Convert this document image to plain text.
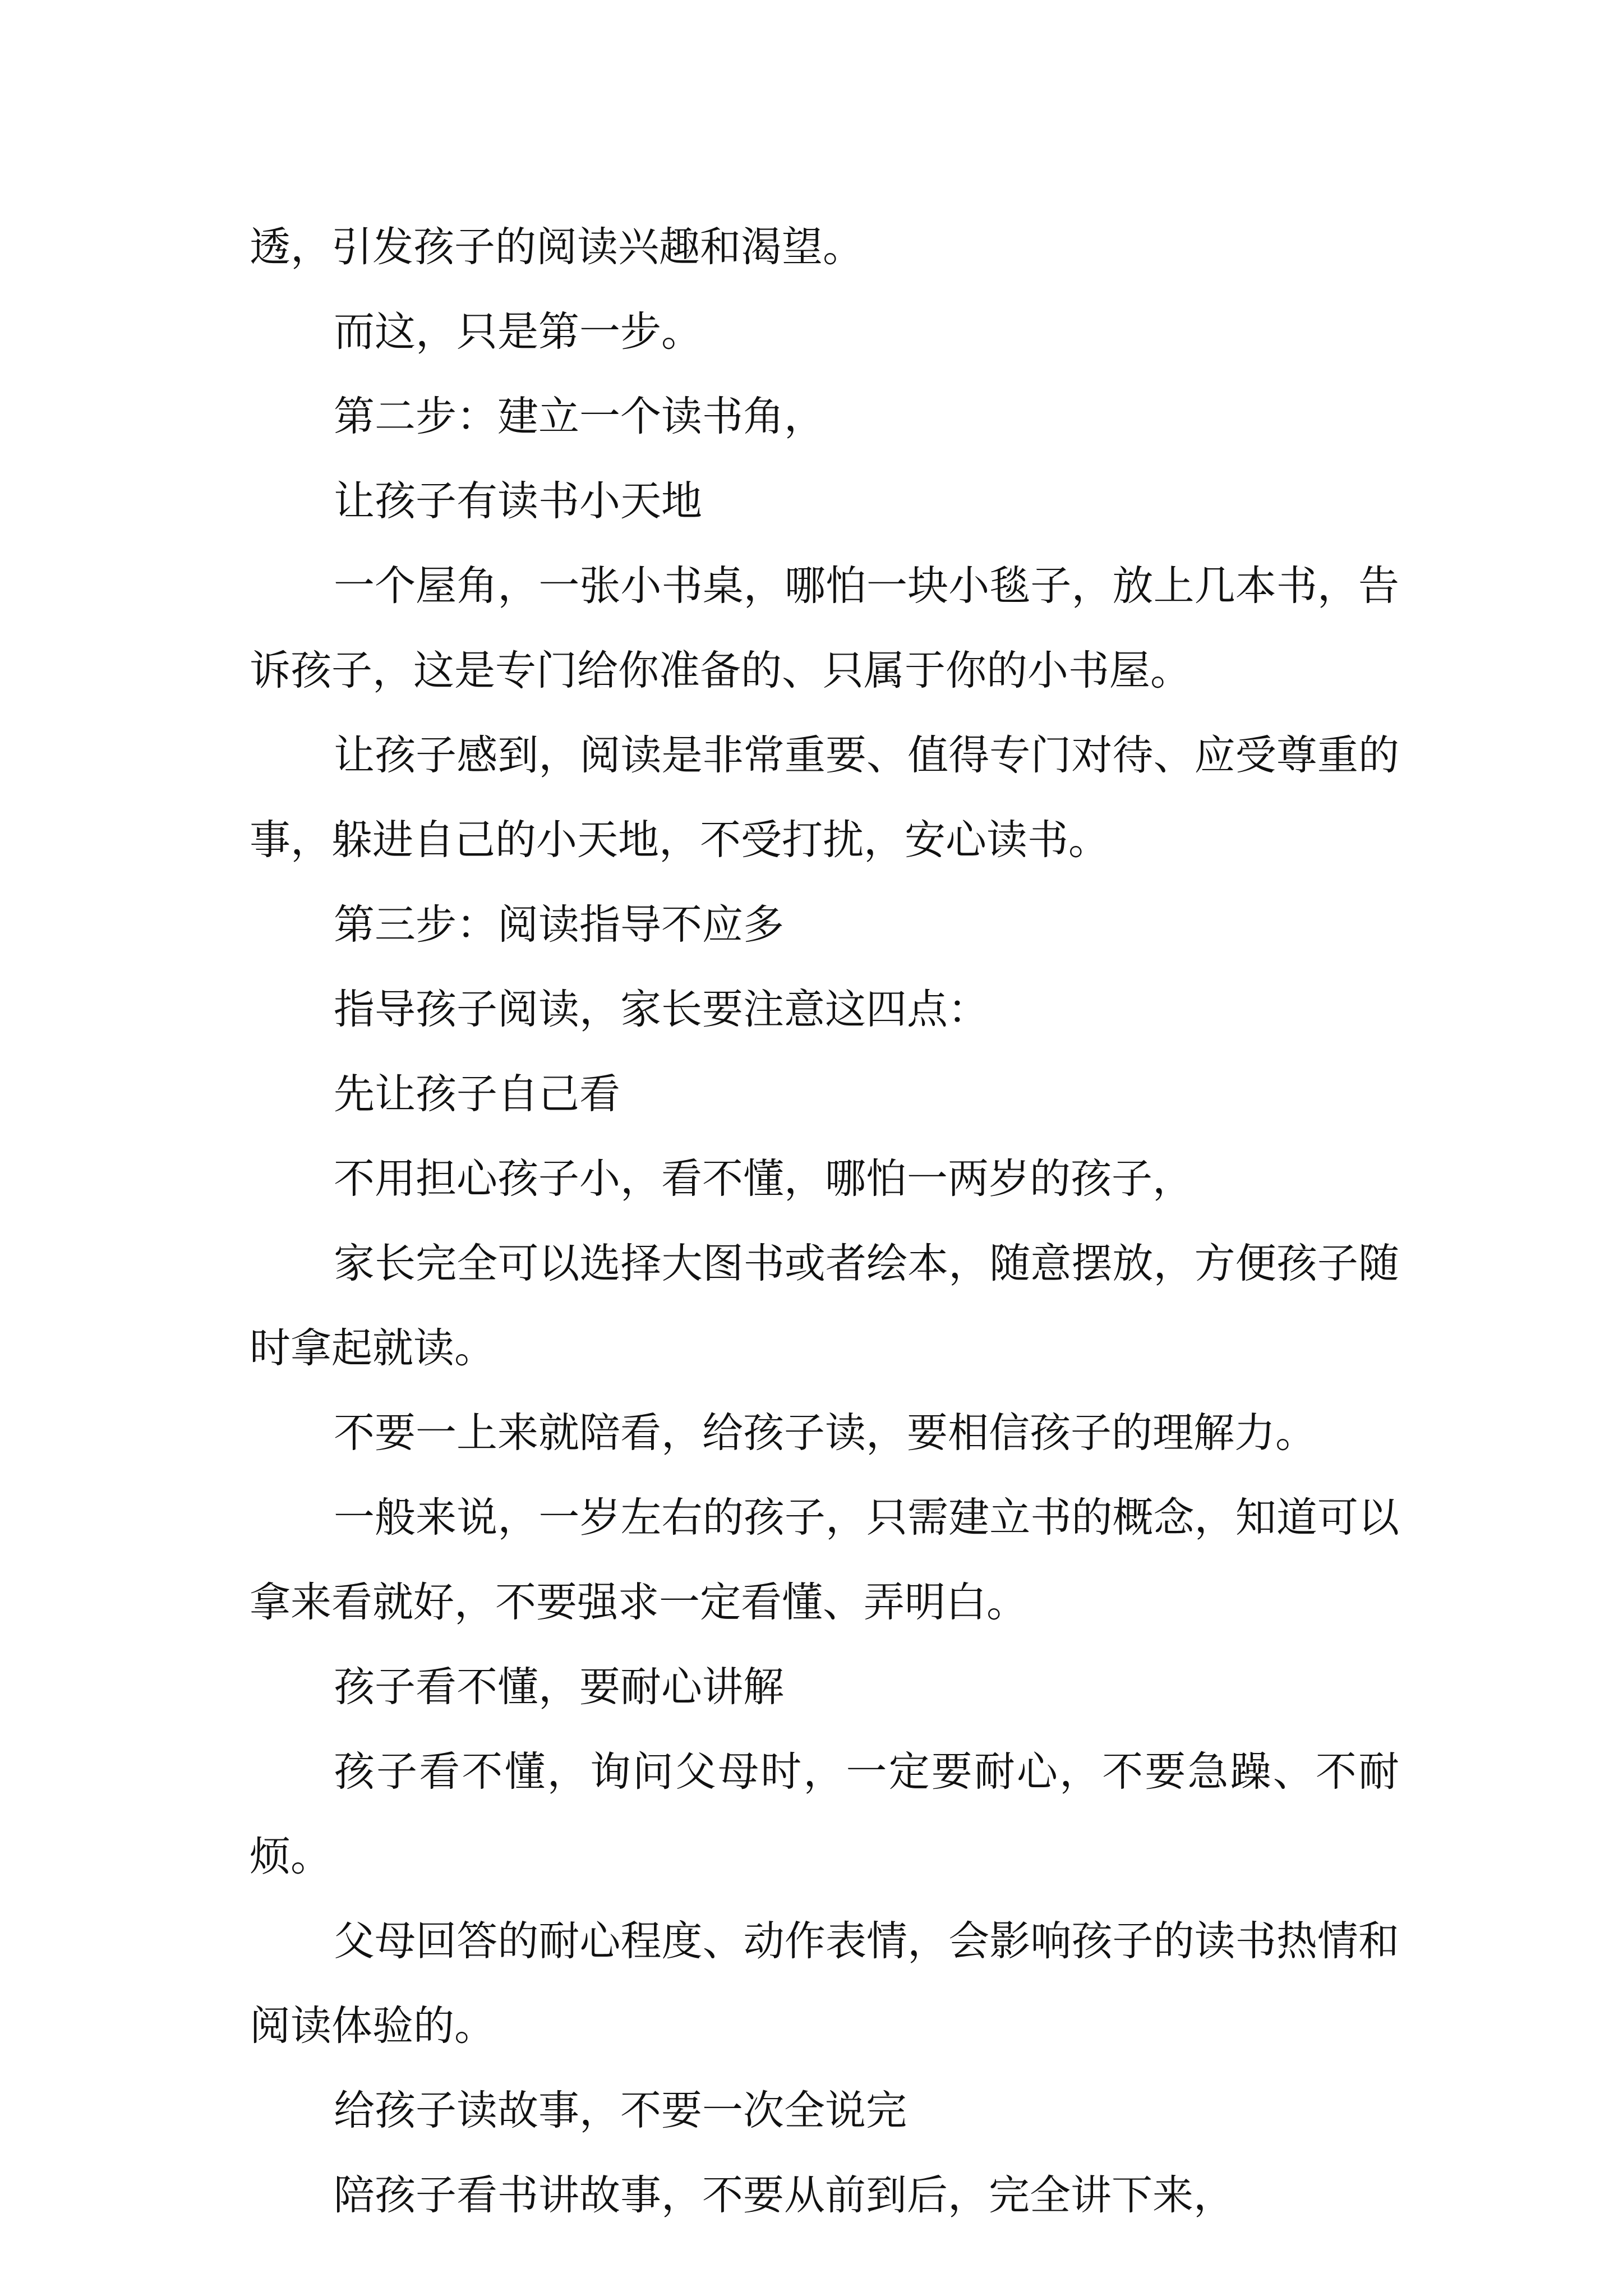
透，引发孩子的阅读兴趣和渴望。

而这，只是第一步。

第二步：建立一个读书角，

让孩子有读书小天地

一个屋角，一张小书桌，哪怕一块小毯子，放上几本书，告诉孩子，这是专门给你准备的、只属于你的小书屋。

让孩子感到，阅读是非常重要、值得专门对待、应受尊重的事，躲进自己的小天地，不受打扰，安心读书。

第三步：阅读指导不应多

指导孩子阅读，家长要注意这四点：

先让孩子自己看

不用担心孩子小，看不懂，哪怕一两岁的孩子，

家长完全可以选择大图书或者绘本，随意摆放，方便孩子随时拿起就读。

不要一上来就陪看，给孩子读，要相信孩子的理解力。

一般来说，一岁左右的孩子，只需建立书的概念，知道可以拿来看就好，不要强求一定看懂、弄明白。

孩子看不懂，要耐心讲解

孩子看不懂，询问父母时，一定要耐心，不要急躁、不耐烦。

父母回答的耐心程度、动作表情，会影响孩子的读书热情和阅读体验的。

给孩子读故事，不要一次全说完

陪孩子看书讲故事，不要从前到后，完全讲下来，
